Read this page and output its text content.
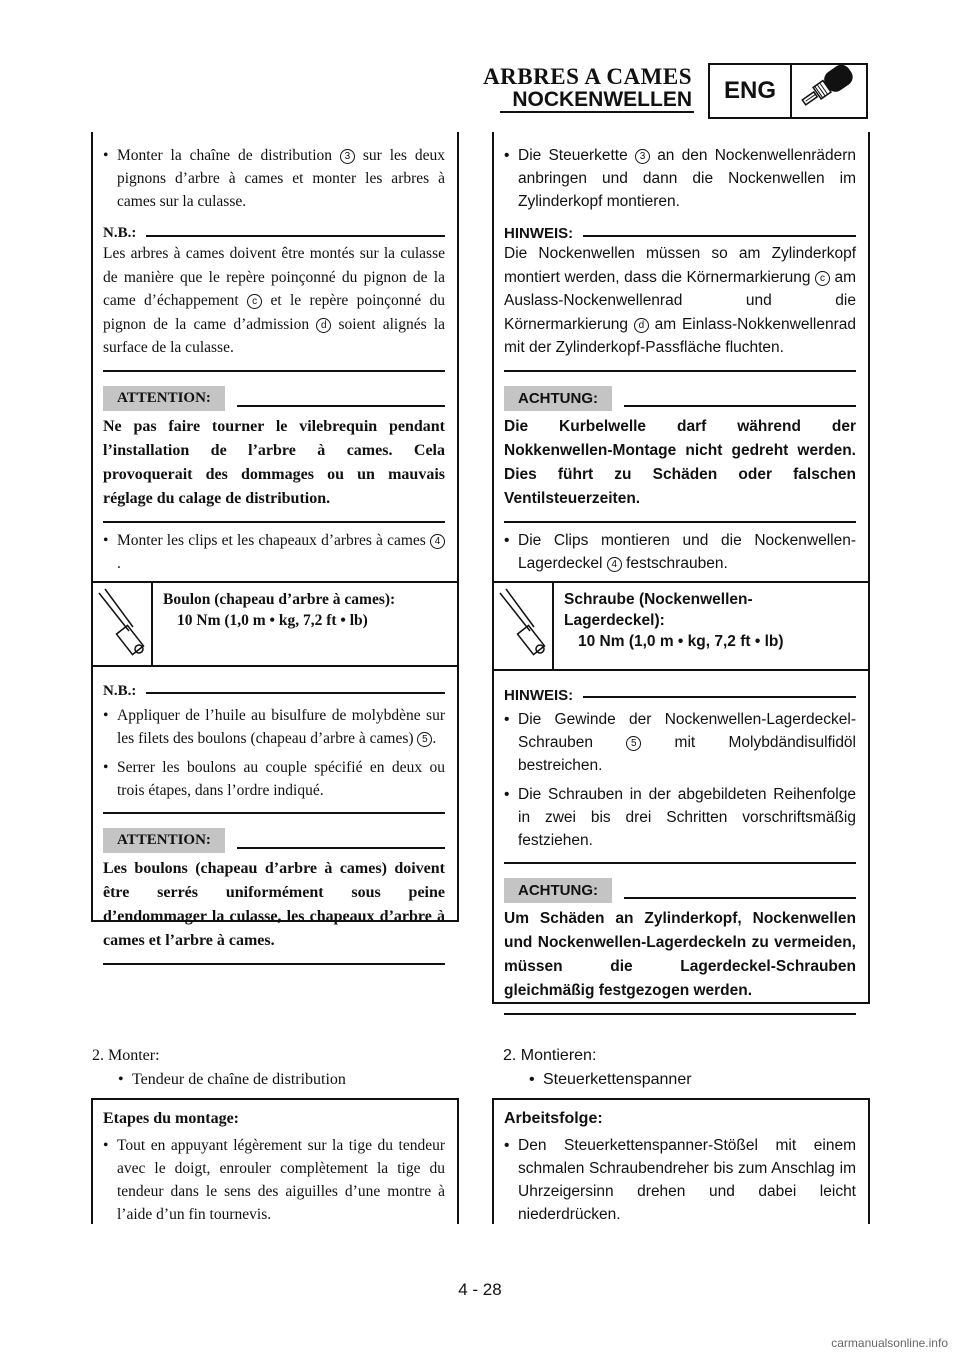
ARBRES A CAMES
NOCKENWELLEN	ENG
• Monter la chaîne de distribution 3 sur les deux pignons d’arbre à cames et monter les arbres à cames sur la culasse.
N.B.:

Les arbres à cames doivent être montés sur la culasse de manière que le repère poinçonné du pignon de la came d’échappement c et le repère poinçonné du pignon de la came d’admission d soient alignés la surface de la culasse.

ATTENTION:
Ne pas faire tourner le vilebrequin pendant l’installation de l’arbre à cames. Cela provoquerait des dommages ou un mauvais réglage du calage de distribution.
• Monter les clips et les chapeaux d’arbres à cames 4.
Boulon (chapeau d’arbre à cames):
10 Nm (1,0 m • kg, 7,2 ft • lb)
N.B.:
• Appliquer de l’huile au bisulfure de molybdène sur les filets des boulons (chapeau d’arbre à cames) 5 .
• Serrer les boulons au couple spécifié en deux ou trois étapes, dans l’ordre indiqué.
ATTENTION:
Les boulons (chapeau d’arbre à cames) doivent être serrés uniformément sous peine d’endommager la culasse, les chapeaux d’arbre à cames et l’arbre à cames.
• Die Steuerkette 3 an den Nockenwellenrädern anbringen und dann die Nockenwellen im Zylinderkopf montieren.
HINWEIS:

Die Nockenwellen müssen so am Zylinderkopf montiert werden, dass die Körnermarkierung c am Auslass-Nockenwellenrad und die Körnermarkierung d am Einlass-Nokkenwellenrad mit der Zylinderkopf-Passfläche fluchten.

ACHTUNG:
Die Kurbelwelle darf während der Nokkenwellen-Montage nicht gedreht werden. Dies führt zu Schäden oder falschen Ventilsteuerzeiten.
• Die Clips montieren und die Nockenwellen-Lagerdeckel 4 festschrauben.
Schraube (Nockenwellen-Lagerdeckel):
10 Nm (1,0 m • kg, 7,2 ft • lb)
HINWEIS:
• Die Gewinde der Nockenwellen-Lagerdeckel-Schrauben	5 mit Molybdändisulfidöl bestreichen.
• Die Schrauben in der abgebildeten Reihenfolge in zwei bis drei Schritten vorschriftsmäßig festziehen.
ACHTUNG:
Um Schäden an Zylinderkopf, Nockenwellen und Nockenwellen-Lagerdeckeln zu vermeiden, müssen die Lagerdeckel-Schrauben gleichmäßig festgezogen werden.
2. Monter:
• Tendeur de chaîne de distribution
Etapes du montage:
• Tout en appuyant légèrement sur la tige du tendeur avec le doigt, enrouler complètement la tige du tendeur dans le sens des aiguilles d’une montre à l’aide d’un fin tournevis.
2. Montieren:
• Steuerkettenspanner
Arbeitsfolge:
• Den Steuerkettenspanner-Stößel mit einem schmalen Schraubendreher bis zum Anschlag im Uhrzeigersinn drehen und dabei leicht niederdrücken.
4 - 28
carmanualsonline.info
